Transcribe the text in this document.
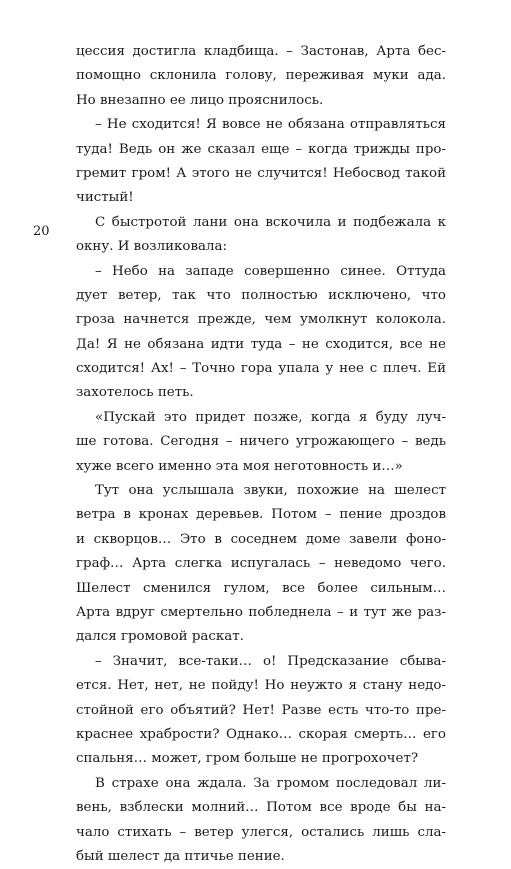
20
цессия достигла кладбища. – Застонав, Арта бес-
помощно склонила голову, переживая муки ада.
Но внезапно ее лицо прояснилось.
– Не сходится! Я вовсе не обязана отправляться
туда! Ведь он же сказал еще – когда трижды про-
гремит гром! А этого не случится! Небосвод такой
чистый!
С быстротой лани она вскочила и подбежала к
окну. И возликовала:
– Небо на западе совершенно синее. Оттуда
дует ветер, так что полностью исключено, что
гроза начнется прежде, чем умолкнут колокола.
Да! Я не обязана идти туда – не сходится, все не
сходится! Ах! – Точно гора упала у нее с плеч. Ей
захотелось петь.
«Пускай это придет позже, когда я буду луч-
ше готова. Сегодня – ничего угрожающего – ведь
хуже всего именно эта моя неготовность и…»
Тут она услышала звуки, похожие на шелест
ветра в кронах деревьев. Потом – пение дроздов
и скворцов… Это в соседнем доме завели фоно-
граф… Арта слегка испугалась – неведомо чего.
Шелест сменился гулом, все более сильным…
Арта вдруг смертельно побледнела – и тут же раз-
дался громовой раскат.
– Значит, все-таки… о! Предсказание сбыва-
ется. Нет, нет, не пойду! Но неужто я стану недо-
стойной его объятий? Нет! Разве есть что-то пре-
краснее храбрости? Однако… скорая смерть… его
спальня… может, гром больше не прогрохочет?
В страхе она ждала. За громом последовал ли-
вень, взблески молний… Потом все вроде бы на-
чало стихать – ветер улегся, остались лишь сла-
бый шелест да птичье пение.
